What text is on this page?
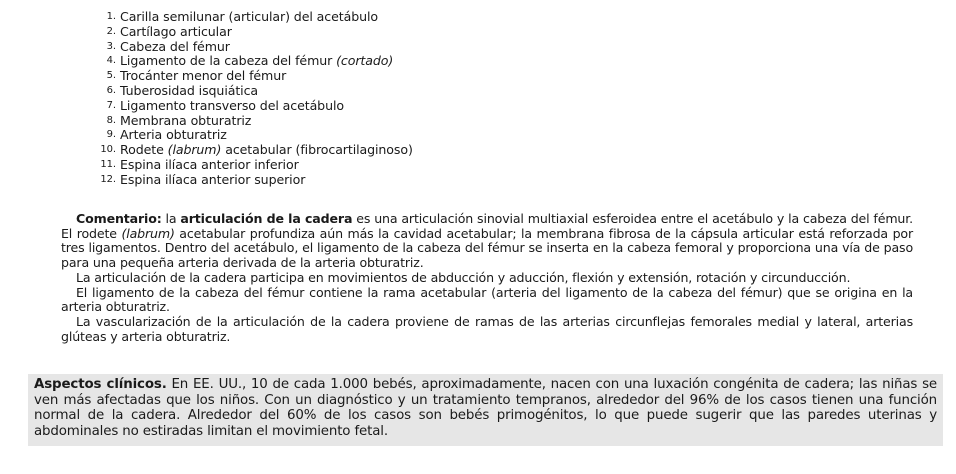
1 . Carilla semilunar (articular) del acetábulo
2 . Cartílago articular
3 . Cabeza del fémur
4 . Ligamento de la cabeza del fémur (cortado)
5 . Trocánter menor del fémur
6 . Tuberosidad isquiática
7 . Ligamento transverso del acetábulo
8 . Membrana obturatriz
9 . Arteria obturatriz
10 . Rodete (labrum) acetabular (fibrocartilaginoso)
11 . Espina ilíaca anterior inferior
12 . Espina ilíaca anterior superior

Comentario: la articulación de la cadera es una articulación sinovial multiaxial esferoidea entre el acetábulo y la cabeza del fémur. El rodete (labrum) acetabular profundiza aún más la cavidad acetabular; la membrana fibrosa de la cápsula articular está reforzada por tres ligamentos. Dentro del acetábulo, el ligamento de la cabeza del fémur se inserta en la cabeza femoral y proporciona una vía de paso para una pequeña arteria derivada de la arteria obturatriz.

La articulación de la cadera participa en movimientos de abducción y aducción, flexión y extensión, rotación y circunducción.

El ligamento de la cabeza del fémur contiene la rama acetabular (arteria del ligamento de la cabeza del fémur) que se origina en la arteria obturatriz.

La vascularización de la articulación de la cadera proviene de ramas de las arterias circunflejas femorales medial y lateral, arterias glúteas y arteria obturatriz.

Aspectos clínicos. En EE. UU., 10 de cada 1.000 bebés, aproximadamente, nacen con una luxación congénita de cadera; las niñas se ven más afectadas que los niños. Con un diagnóstico y un tratamiento tempranos, alrededor del 96% de los casos tienen una función normal de la cadera. Alrededor del 60% de los casos son bebés primogénitos, lo que puede sugerir que las paredes uterinas y abdominales no estiradas limitan el movimiento fetal.
